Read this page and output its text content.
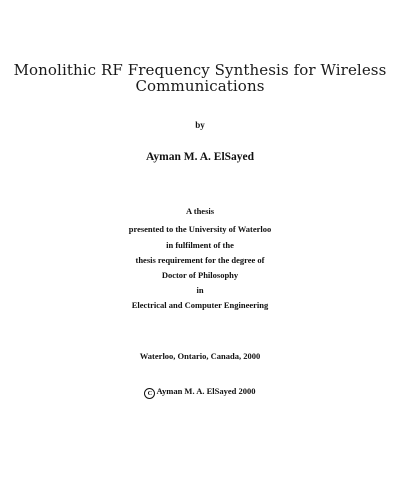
Monolithic RF Frequency Synthesis for Wireless
Communications
by
Ayman M. A. ElSayed
A thesis
presented to the University of Waterloo
in fulfilment of the
thesis requirement for the degree of
Doctor of Philosophy
in
Electrical and Computer Engineering
Waterloo, Ontario, Canada, 2000
C Ayman M. A. ElSayed 2000
